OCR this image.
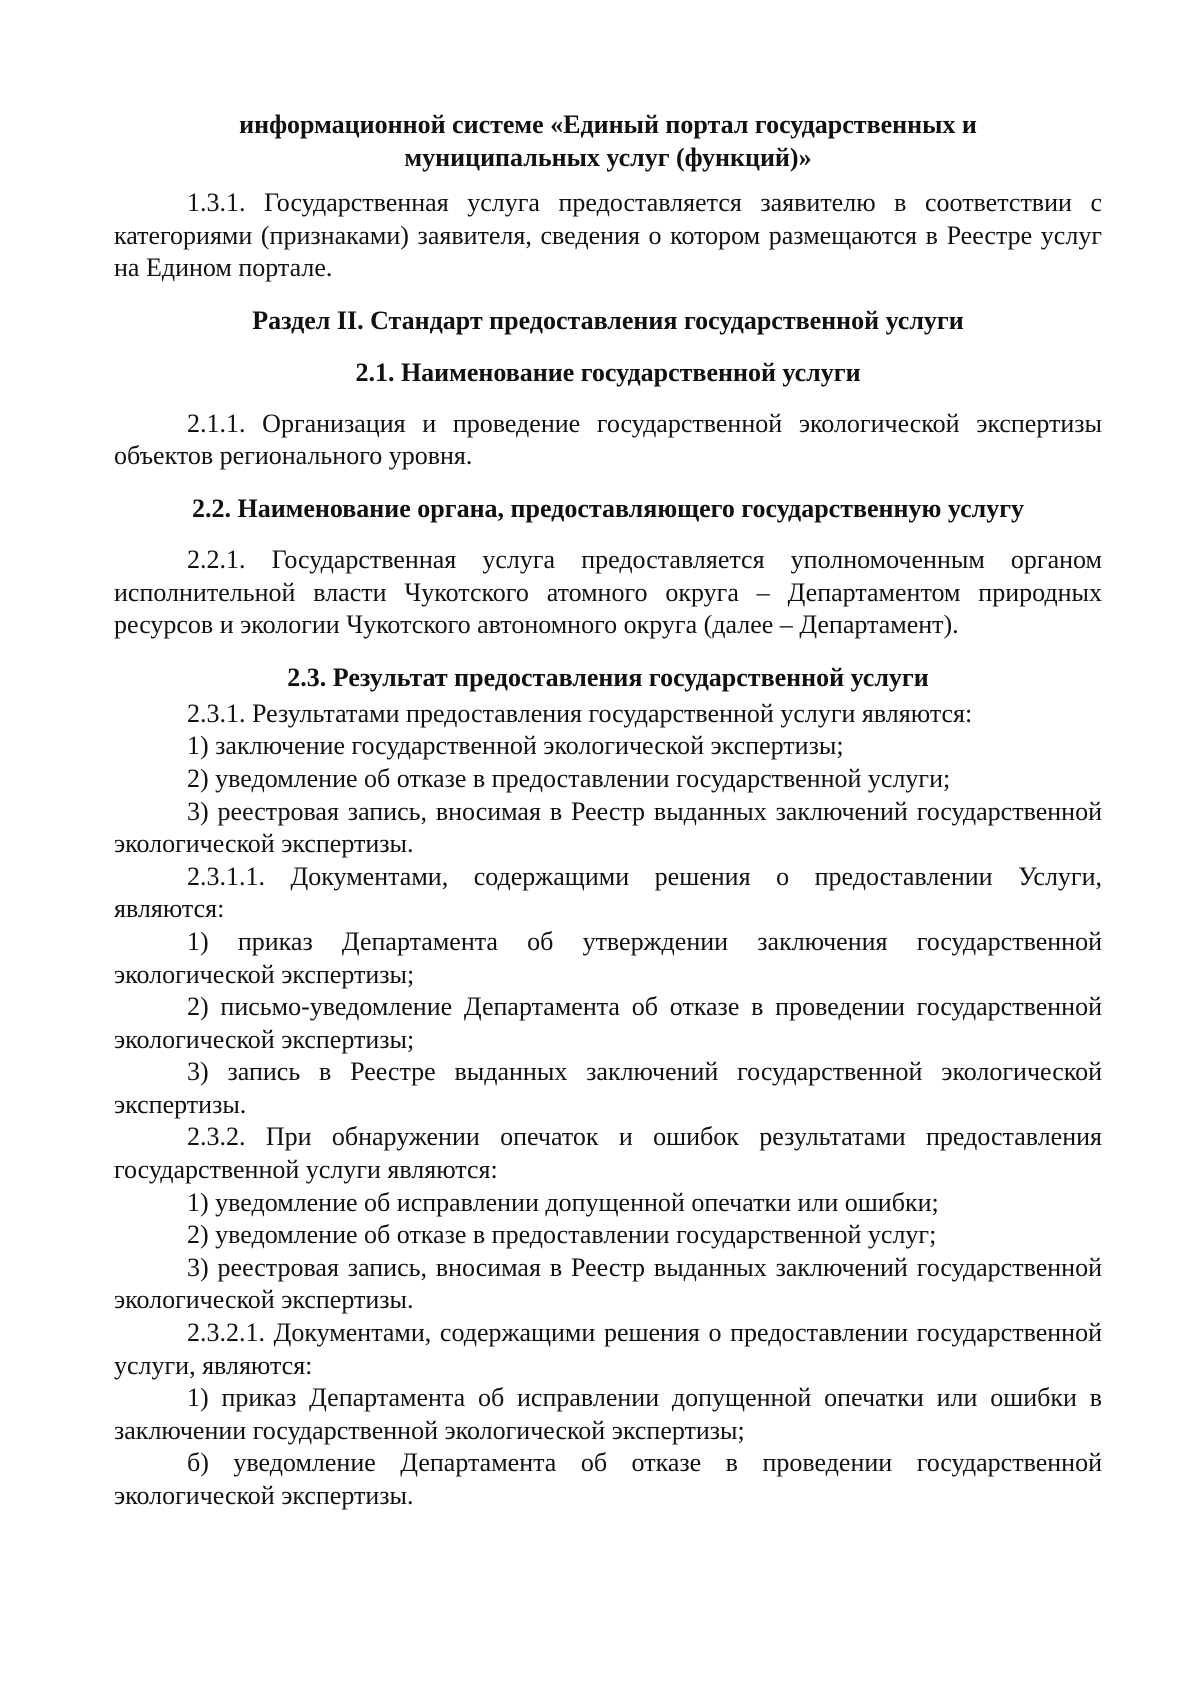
информационной системе «Единый портал государственных и
муниципальных услуг (функций)»

1.3.1. Государственная услуга предоставляется заявителю в соответствии с категориями (признаками) заявителя, сведения о котором размещаются в Реестре услуг на Едином портале.

Раздел II. Стандарт предоставления государственной услуги
2.1. Наименование государственной услуги

2.1.1. Организация и проведение государственной экологической экспертизы объектов регионального уровня.

2.2. Наименование органа, предоставляющего государственную услугу

2.2.1. Государственная услуга предоставляется уполномоченным органом исполнительной власти Чукотского атомного округа – Департаментом природных ресурсов и экологии Чукотского автономного округа (далее – Департамент).

2.3. Результат предоставления государственной услуги

2.3.1. Результатами предоставления государственной услуги являются:

1) заключение государственной экологической экспертизы;

2) уведомление об отказе в предоставлении государственной услуги;

3) реестровая запись, вносимая в Реестр выданных заключений государственной экологической экспертизы.

2.3.1.1. Документами, содержащими решения о предоставлении Услуги, являются:

1) приказ Департамента об утверждении заключения государственной экологической экспертизы;

2) письмо-уведомление Департамента об отказе в проведении государственной экологической экспертизы;

3) запись в Реестре выданных заключений государственной экологической экспертизы.

2.3.2. При обнаружении опечаток и ошибок результатами предоставления государственной услуги являются:

1) уведомление об исправлении допущенной опечатки или ошибки;

2) уведомление об отказе в предоставлении государственной услуг;

3) реестровая запись, вносимая в Реестр выданных заключений государственной экологической экспертизы.

2.3.2.1. Документами, содержащими решения о предоставлении государственной услуги, являются:

1) приказ Департамента об исправлении допущенной опечатки или ошибки в заключении государственной экологической экспертизы;

б) уведомление Департамента об отказе в проведении государственной экологической экспертизы.
